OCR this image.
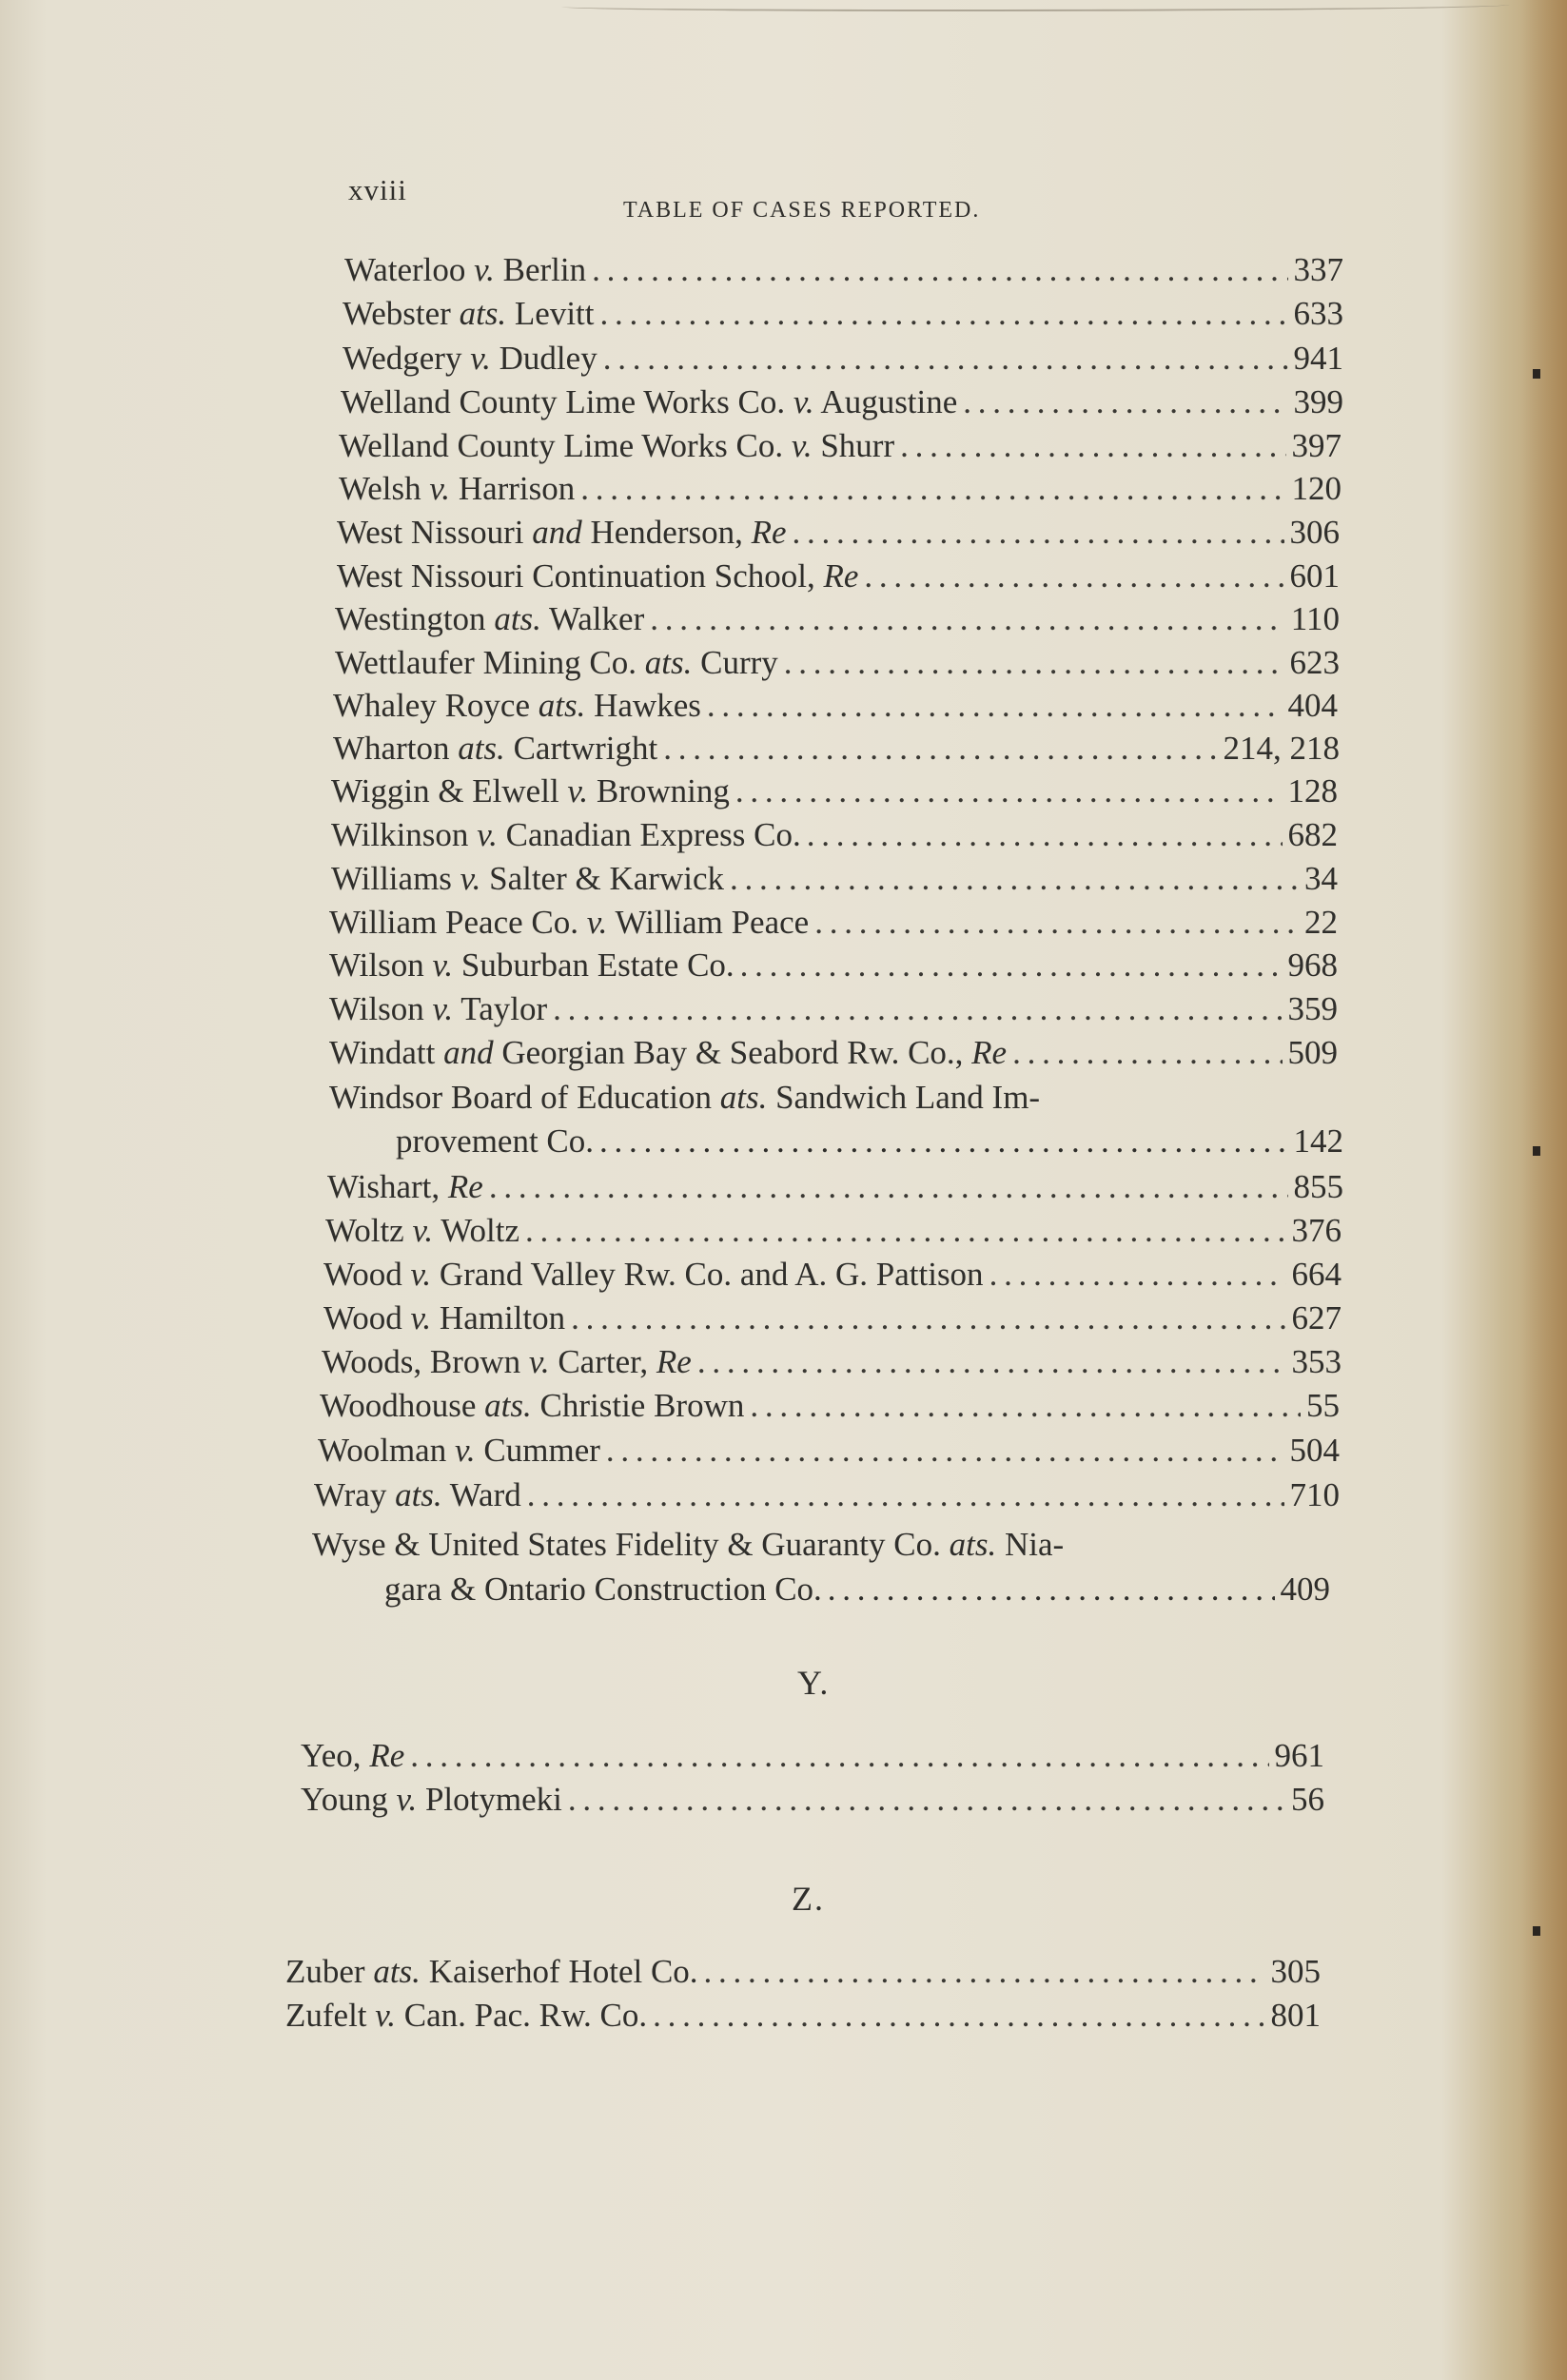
xviii
TABLE OF CASES REPORTED.
Waterloo v. Berlin . . .	337
Webster ats. Levitt . . .	633
Wedgery v. Dudley . . .	941
Welland County Lime Works Co. v. Augustine . . .	399
Welland County Lime Works Co. v. Shurr . . .	397
Welsh v. Harrison . . .	120
West Nissouri and Henderson, Re . . .	306
West Nissouri Continuation School, Re . . .	601
Westington ats. Walker . . .	110
Wettlaufer Mining Co. ats. Curry . . .	623
Whaley Royce ats. Hawkes . . .	404
Wharton ats. Cartwright . . .	214, 218
Wiggin & Elwell v. Browning . . .	128
Wilkinson v. Canadian Express Co. . . .	682
Williams v. Salter & Karwick . . .	34
William Peace Co. v. William Peace . . .	22
Wilson v. Suburban Estate Co. . . .	968
Wilson v. Taylor . . .	359
Windatt and Georgian Bay & Seabord Rw. Co., Re . . .	509
Windsor Board of Education ats. Sandwich Land Im-
provement Co. . . .	142
Wishart, Re . . .	855
Woltz v. Woltz . . .	376
Wood v. Grand Valley Rw. Co. and A. G. Pattison . . .	664
Wood v. Hamilton . . .	627
Woods, Brown v. Carter, Re . . .	353
Woodhouse ats. Christie Brown . . .	55
Woolman v. Cummer . . .	504
Wray ats. Ward . . .	710
Wyse & United States Fidelity & Guaranty Co. ats. Nia-
gara & Ontario Construction Co. . . .	409
Y.
Yeo, Re . . .	961
Young v. Plotymeki . . .	56
Z.
Zuber ats. Kaiserhof Hotel Co. . . .	305
Zufelt v. Can. Pac. Rw. Co. . . .	801
